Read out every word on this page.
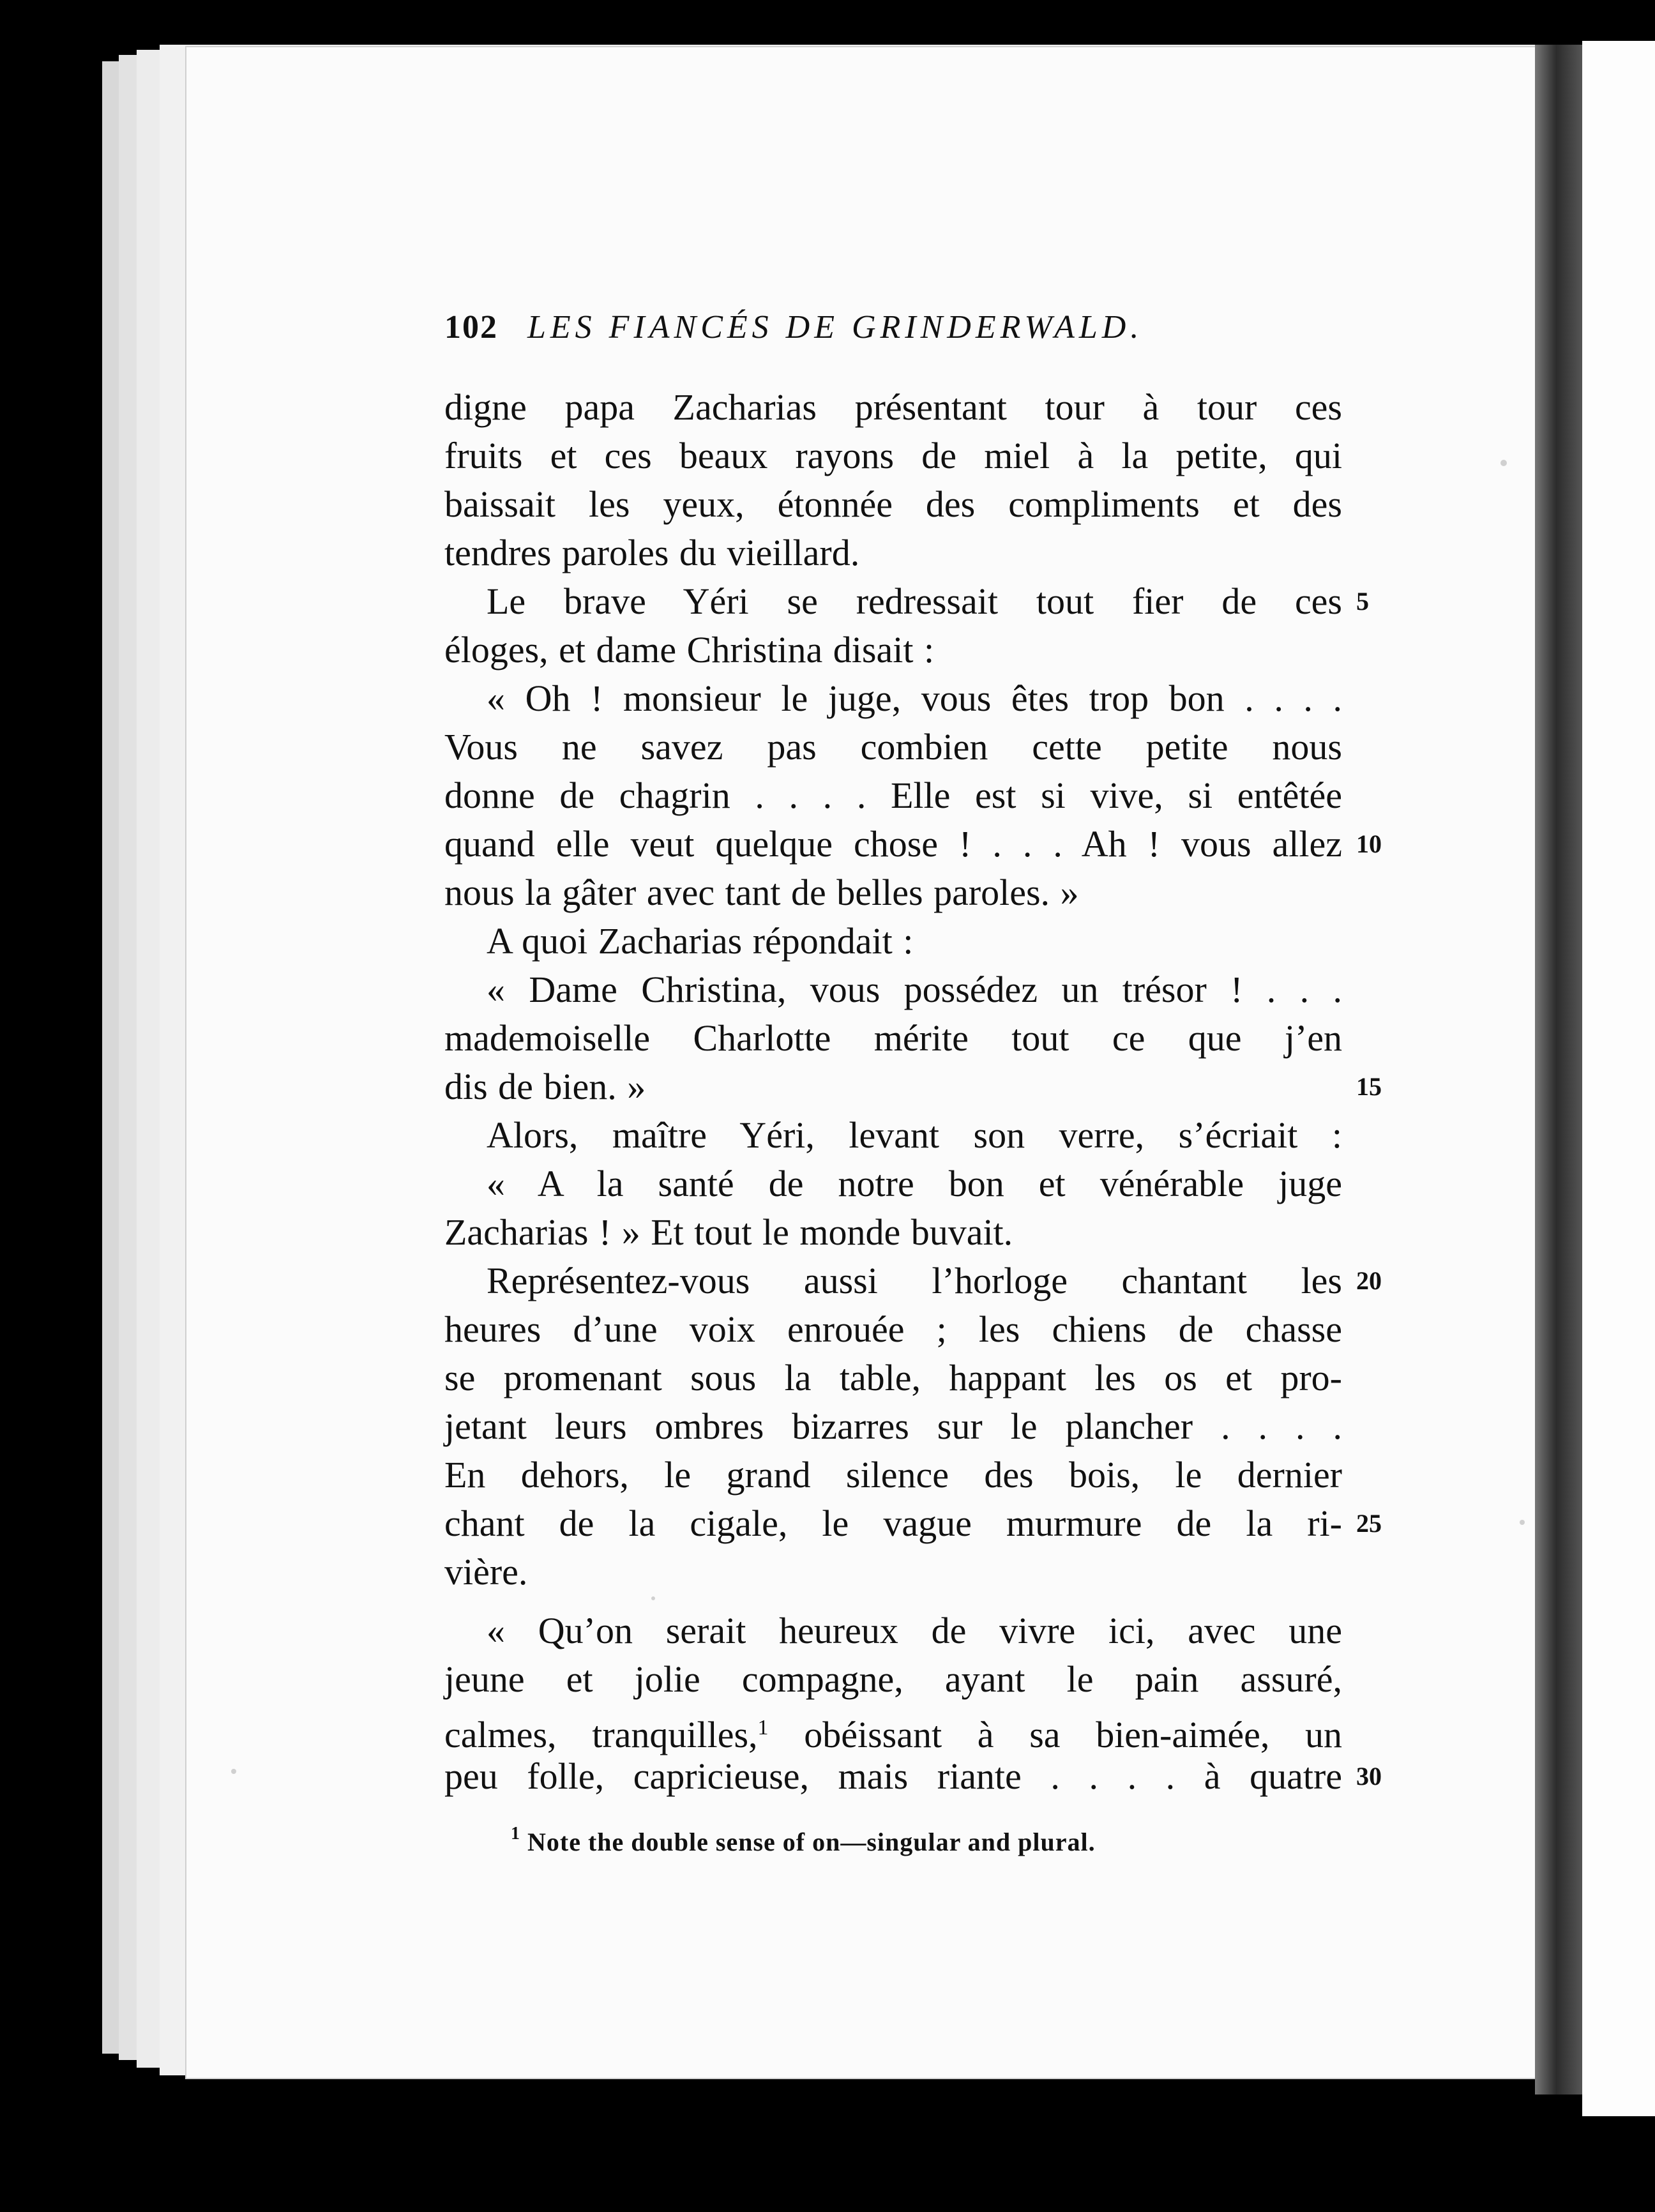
102 LES FIANCÉS DE GRINDERWALD.
digne papa Zacharias présentant tour à tour ces
fruits et ces beaux rayons de miel à la petite, qui
baissait les yeux, étonnée des compliments et des
tendres paroles du vieillard.
Le brave Yéri se redressait tout fier de ces
éloges, et dame Christina disait :
« Oh ! monsieur le juge, vous êtes trop bon . . . .
Vous ne savez pas combien cette petite nous
donne de chagrin . . . . Elle est si vive, si entêtée
quand elle veut quelque chose ! . . . Ah ! vous allez
nous la gâter avec tant de belles paroles. »
A quoi Zacharias répondait :
« Dame Christina, vous possédez un trésor ! . . .
mademoiselle Charlotte mérite tout ce que j’en
dis de bien. »
Alors, maître Yéri, levant son verre, s’écriait :
« A la santé de notre bon et vénérable juge
Zacharias ! » Et tout le monde buvait.
Représentez-vous aussi l’horloge chantant les
heures d’une voix enrouée ; les chiens de chasse
se promenant sous la table, happant les os et pro-
jetant leurs ombres bizarres sur le plancher . . . .
En dehors, le grand silence des bois, le dernier
chant de la cigale, le vague murmure de la ri-
vière.
« Qu’on serait heureux de vivre ici, avec une
jeune et jolie compagne, ayant le pain assuré,
calmes, tranquilles,$^1$ obéissant à sa bien-aimée, un
peu folle, capricieuse, mais riante . . . . à quatre
5
10
15
20
25
30
$^1$ Note the double sense of on—singular and plural.
